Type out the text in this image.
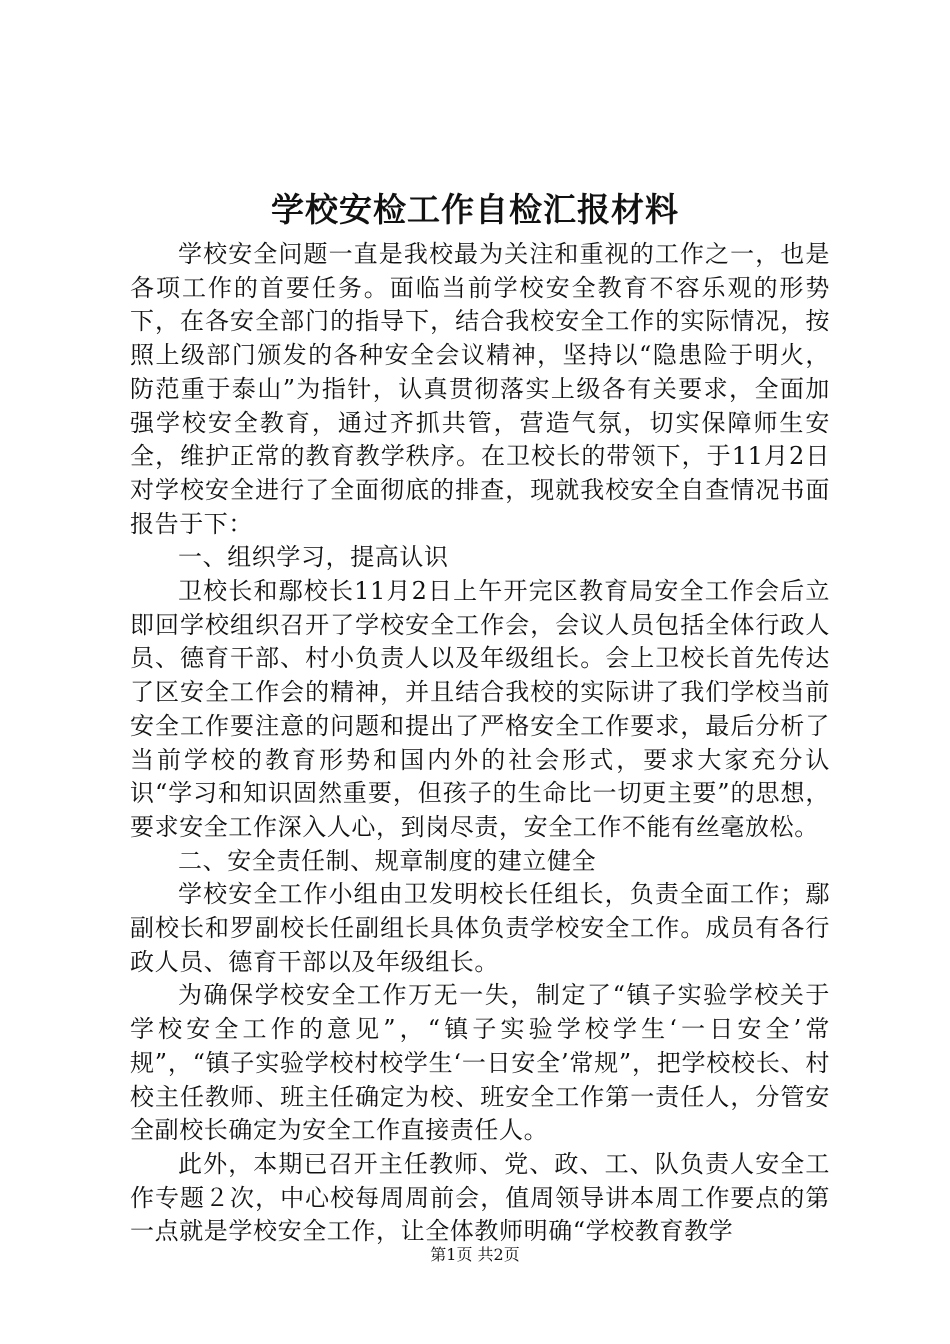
学校安检工作自检汇报材料

学校安全问题一直是我校最为关注和重视的工作之一，也是各项工作的首要任务。面临当前学校安全教育不容乐观的形势下，在各安全部门的指导下，结合我校安全工作的实际情况，按照上级部门颁发的各种安全会议精神，坚持以“隐患险于明火，防范重于泰山”为指针，认真贯彻落实上级各有关要求，全面加强学校安全教育，通过齐抓共管，营造气氛，切实保障师生安全，维护正常的教育教学秩序。在卫校长的带领下，于11月2日对学校安全进行了全面彻底的排查，现就我校安全自查情况书面报告于下：

一、组织学习，提高认识

卫校长和鄢校长11月2日上午开完区教育局安全工作会后立即回学校组织召开了学校安全工作会，会议人员包括全体行政人员、德育干部、村小负责人以及年级组长。会上卫校长首先传达了区安全工作会的精神，并且结合我校的实际讲了我们学校当前安全工作要注意的问题和提出了严格安全工作要求，最后分析了当前学校的教育形势和国内外的社会形式，要求大家充分认识“学习和知识固然重要，但孩子的生命比一切更主要”的思想，要求安全工作深入人心，到岗尽责，安全工作不能有丝毫放松。

二、安全责任制、规章制度的建立健全

学校安全工作小组由卫发明校长任组长，负责全面工作；鄢副校长和罗副校长任副组长具体负责学校安全工作。成员有各行政人员、德育干部以及年级组长。

为确保学校安全工作万无一失，制定了“镇子实验学校关于学校安全工作的意见”，“镇子实验学校学生‘一日安全’常规”，“镇子实验学校村校学生‘一日安全’常规”，把学校校长、村校主任教师、班主任确定为校、班安全工作第一责任人，分管安全副校长确定为安全工作直接责任人。

此外，本期已召开主任教师、党、政、工、队负责人安全工作专题２次，中心校每周周前会，值周领导讲本周工作要点的第一点就是学校安全工作，让全体教师明确“学校教育教学

第1页 共2页
